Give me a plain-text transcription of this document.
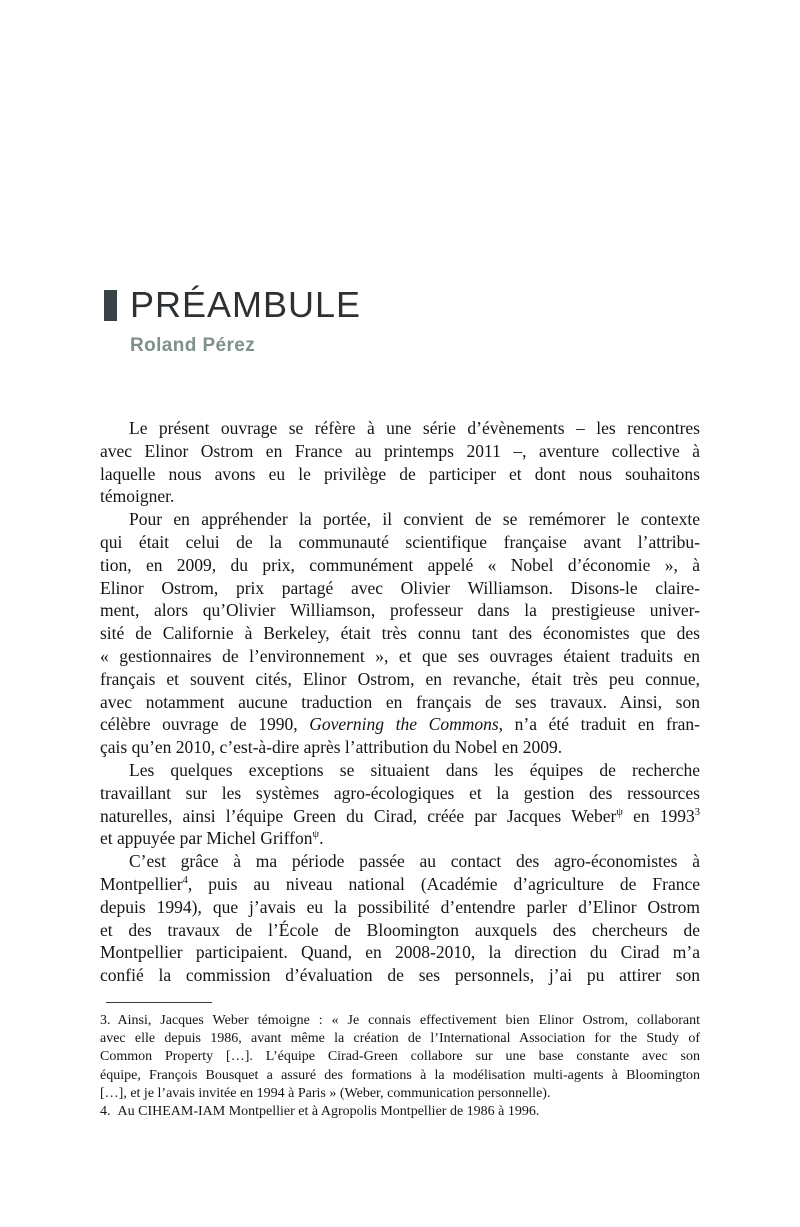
PRÉAMBULE
Roland Pérez
Le présent ouvrage se réfère à une série d’évènements – les rencontres
avec Elinor Ostrom en France au printemps 2011 –, aventure collective à
laquelle nous avons eu le privilège de participer et dont nous souhaitons
témoigner.
Pour en appréhender la portée, il convient de se remémorer le contexte
qui était celui de la communauté scientifique française avant l’attribu-
tion, en 2009, du prix, communément appelé « Nobel d’économie », à
Elinor Ostrom, prix partagé avec Olivier Williamson. Disons-le claire-
ment, alors qu’Olivier Williamson, professeur dans la prestigieuse univer-
sité de Californie à Berkeley, était très connu tant des économistes que des
« gestionnaires de l’environnement », et que ses ouvrages étaient traduits en
français et souvent cités, Elinor Ostrom, en revanche, était très peu connue,
avec notamment aucune traduction en français de ses travaux. Ainsi, son
célèbre ouvrage de 1990, Governing the Commons, n’a été traduit en fran-
çais qu’en 2010, c’est-à-dire après l’attribution du Nobel en 2009.
Les quelques exceptions se situaient dans les équipes de recherche
travaillant sur les systèmes agro-écologiques et la gestion des ressources
naturelles, ainsi l’équipe Green du Cirad, créée par Jacques Weber$^\psi$ en 1993$^3$
et appuyée par Michel Griffon$^\psi$.
C’est grâce à ma période passée au contact des agro-économistes à
Montpellier$^4$, puis au niveau national (Académie d’agriculture de France
depuis 1994), que j’avais eu la possibilité d’entendre parler d’Elinor Ostrom
et des travaux de l’École de Bloomington auxquels des chercheurs de
Montpellier participaient. Quand, en 2008-2010, la direction du Cirad m’a
confié la commission d’évaluation de ses personnels, j’ai pu attirer son
3. Ainsi, Jacques Weber témoigne : « Je connais effectivement bien Elinor Ostrom, collaborant
avec elle depuis 1986, avant même la création de l’International Association for the Study of
Common Property […]. L’équipe Cirad-Green collabore sur une base constante avec son
équipe, François Bousquet a assuré des formations à la modélisation multi-agents à Bloomington
[…], et je l’avais invitée en 1994 à Paris » (Weber, communication personnelle).
4. Au CIHEAM-IAM Montpellier et à Agropolis Montpellier de 1986 à 1996.
